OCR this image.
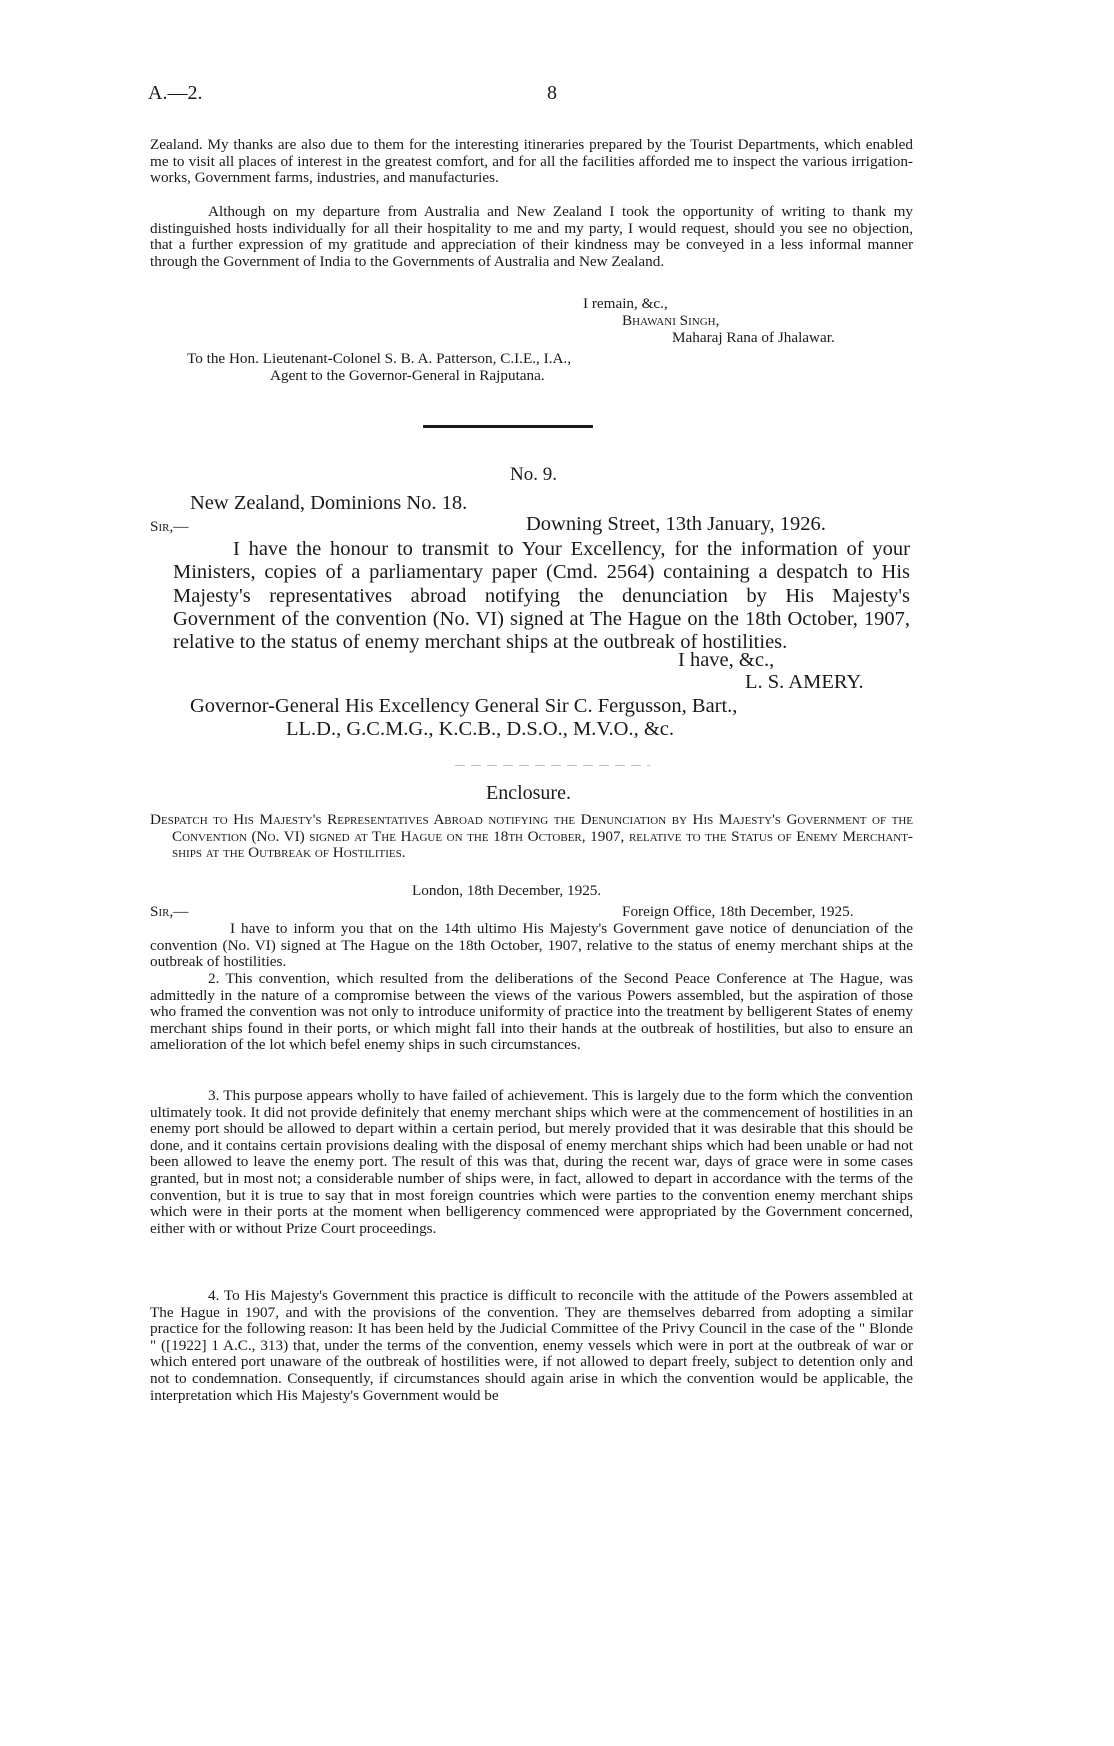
A.—2.	8
Zealand. My thanks are also due to them for the interesting itineraries prepared by the Tourist Departments, which enabled me to visit all places of interest in the greatest comfort, and for all the facilities afforded me to inspect the various irrigation-works, Government farms, industries, and manufacturies.
Although on my departure from Australia and New Zealand I took the opportunity of writing to thank my distinguished hosts individually for all their hospitality to me and my party, I would request, should you see no objection, that a further expression of my gratitude and appreciation of their kindness may be conveyed in a less informal manner through the Government of India to the Governments of Australia and New Zealand.
I remain, &c.,
Bhawani Singh,
Maharaj Rana of Jhalawar.
To the Hon. Lieutenant-Colonel S. B. A. Patterson, C.I.E., I.A.,
Agent to the Governor-General in Rajputana.
No. 9.
New Zealand, Dominions No. 18.
Sir,—	Downing Street, 13th January, 1926.
I have the honour to transmit to Your Excellency, for the information of your Ministers, copies of a parliamentary paper (Cmd. 2564) containing a despatch to His Majesty's representatives abroad notifying the denunciation by His Majesty's Government of the convention (No. VI) signed at The Hague on the 18th October, 1907, relative to the status of enemy merchant ships at the outbreak of hostilities.
I have, &c.,
L. S. AMERY.
Governor-General His Excellency General Sir C. Fergusson, Bart.,
LL.D., G.C.M.G., K.C.B., D.S.O., M.V.O., &c.
Enclosure.
Despatch to His Majesty's Representatives Abroad notifying the Denunciation by His Majesty's Government of the Convention (No. VI) signed at The Hague on the 18th October, 1907, relative to the Status of Enemy Merchant-ships at the Outbreak of Hostilities.
London, 18th December, 1925.
Sir,—	Foreign Office, 18th December, 1925.
I have to inform you that on the 14th ultimo His Majesty's Government gave notice of denunciation of the convention (No. VI) signed at The Hague on the 18th October, 1907, relative to the status of enemy merchant ships at the outbreak of hostilities.
2. This convention, which resulted from the deliberations of the Second Peace Conference at The Hague, was admittedly in the nature of a compromise between the views of the various Powers assembled, but the aspiration of those who framed the convention was not only to introduce uniformity of practice into the treatment by belligerent States of enemy merchant ships found in their ports, or which might fall into their hands at the outbreak of hostilities, but also to ensure an amelioration of the lot which befel enemy ships in such circumstances.
3. This purpose appears wholly to have failed of achievement. This is largely due to the form which the convention ultimately took. It did not provide definitely that enemy merchant ships which were at the commencement of hostilities in an enemy port should be allowed to depart within a certain period, but merely provided that it was desirable that this should be done, and it contains certain provisions dealing with the disposal of enemy merchant ships which had been unable or had not been allowed to leave the enemy port. The result of this was that, during the recent war, days of grace were in some cases granted, but in most not; a considerable number of ships were, in fact, allowed to depart in accordance with the terms of the convention, but it is true to say that in most foreign countries which were parties to the convention enemy merchant ships which were in their ports at the moment when belligerency commenced were appropriated by the Government concerned, either with or without Prize Court proceedings.
4. To His Majesty's Government this practice is difficult to reconcile with the attitude of the Powers assembled at The Hague in 1907, and with the provisions of the convention. They are themselves debarred from adopting a similar practice for the following reason: It has been held by the Judicial Committee of the Privy Council in the case of the " Blonde " ([1922] 1 A.C., 313) that, under the terms of the convention, enemy vessels which were in port at the outbreak of war or which entered port unaware of the outbreak of hostilities were, if not allowed to depart freely, subject to detention only and not to condemnation. Consequently, if circumstances should again arise in which the convention would be applicable, the interpretation which His Majesty's Government would be
